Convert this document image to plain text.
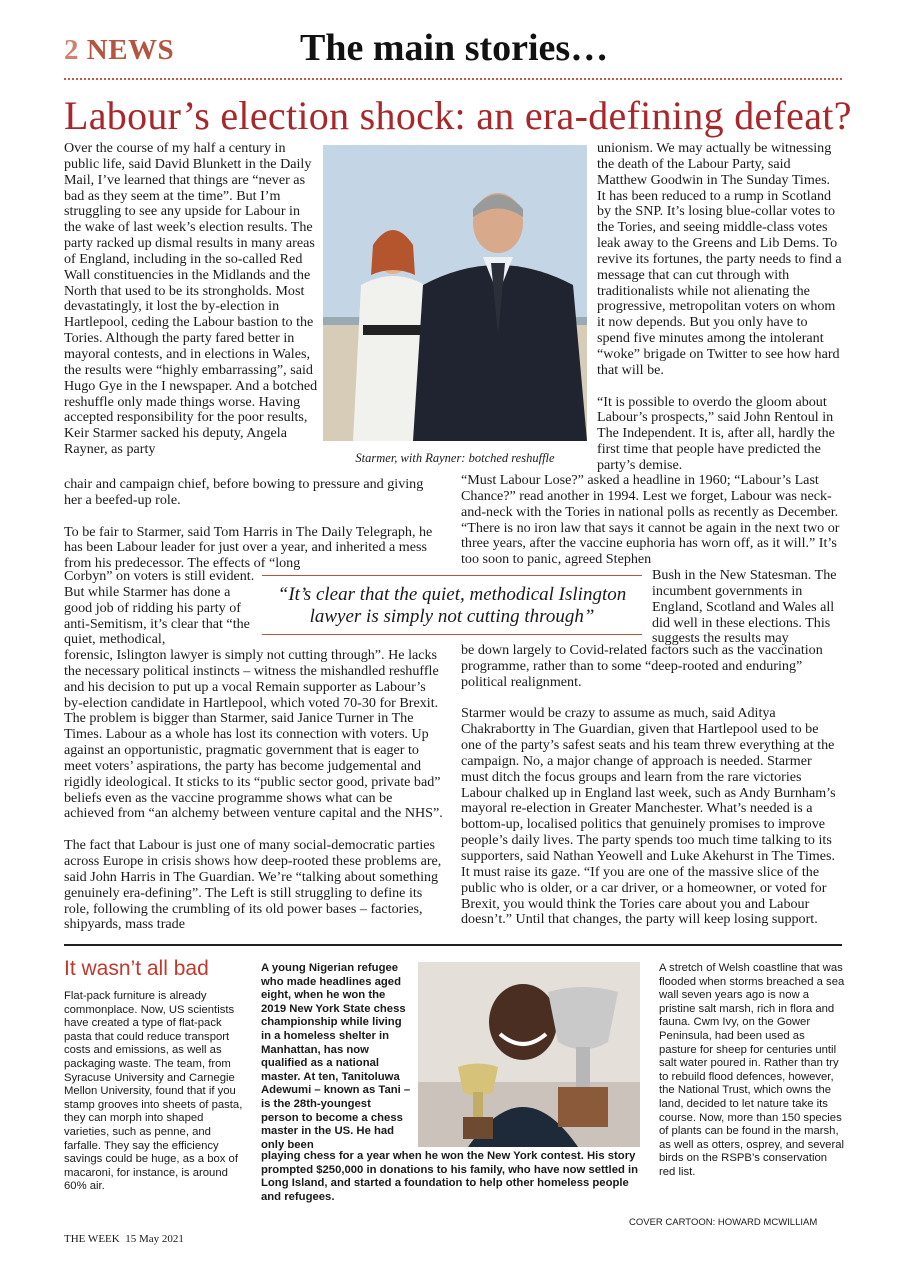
2 NEWS	The main stories…
Labour’s election shock: an era-defining defeat?

Over the course of my half a century in public life, said David Blunkett in the Daily Mail, I’ve learned that things are “never as bad as they seem at the time”. But I’m struggling to see any upside for Labour in the wake of last week’s election results. The party racked up dismal results in many areas of England, including in the so-called Red Wall constituencies in the Midlands and the North that used to be its strongholds. Most devastatingly, it lost the by-election in Hartlepool, ceding the Labour bastion to the Tories. Although the party fared better in mayoral contests, and in elections in Wales, the results were “highly embarrassing”, said Hugo Gye in the I newspaper. And a botched reshuffle only made things worse. Having accepted responsibility for the poor results, Keir Starmer sacked his deputy, Angela Rayner, as party

Starmer, with Rayner: botched reshuffle

chair and campaign chief, before bowing to pressure and giving her a beefed-up role.

To be fair to Starmer, said Tom Harris in The Daily Telegraph, he has been Labour leader for just over a year, and inherited a mess from his predecessor. The effects of “long

Corbyn” on voters is still evident. But while Starmer has done a good job of ridding his party of anti-Semitism, it’s clear that “the quiet, methodical,

forensic, Islington lawyer is simply not cutting through”. He lacks the necessary political instincts – witness the mishandled reshuffle and his decision to put up a vocal Remain supporter as Labour’s by-election candidate in Hartlepool, which voted 70-30 for Brexit. The problem is bigger than Starmer, said Janice Turner in The Times. Labour as a whole has lost its connection with voters. Up against an opportunistic, pragmatic government that is eager to meet voters’ aspirations, the party has become judgemental and rigidly ideological. It sticks to its “public sector good, private bad” beliefs even as the vaccine programme shows what can be achieved from “an alchemy between venture capital and the NHS”.

The fact that Labour is just one of many social-democratic parties across Europe in crisis shows how deep-rooted these problems are, said John Harris in The Guardian. We’re “talking about something genuinely era-defining”. The Left is still struggling to define its role, following the crumbling of its old power bases – factories, shipyards, mass trade

unionism. We may actually be witnessing the death of the Labour Party, said Matthew Goodwin in The Sunday Times. It has been reduced to a rump in Scotland by the SNP. It’s losing blue-collar votes to the Tories, and seeing middle-class votes leak away to the Greens and Lib Dems. To revive its fortunes, the party needs to find a message that can cut through with traditionalists while not alienating the progressive, metropolitan voters on whom it now depends. But you only have to spend five minutes among the intolerant “woke” brigade on Twitter to see how hard that will be.

“It is possible to overdo the gloom about Labour’s prospects,” said John Rentoul in The Independent. It is, after all, hardly the first time that people have predicted the party’s demise.

“Must Labour Lose?” asked a headline in 1960; “Labour’s Last Chance?” read another in 1994. Lest we forget, Labour was neck-and-neck with the Tories in national polls as recently as December. “There is no iron law that says it cannot be again in the next two or three years, after the vaccine euphoria has worn off, as it will.” It’s too soon to panic, agreed Stephen

Bush in the New Statesman. The incumbent governments in England, Scotland and Wales all did well in these elections. This suggests the results may

be down largely to Covid-related factors such as the vaccination programme, rather than to some “deep-rooted and enduring” political realignment.

Starmer would be crazy to assume as much, said Aditya Chakrabortty in The Guardian, given that Hartlepool used to be one of the party’s safest seats and his team threw everything at the campaign. No, a major change of approach is needed. Starmer must ditch the focus groups and learn from the rare victories Labour chalked up in England last week, such as Andy Burnham’s mayoral re-election in Greater Manchester. What’s needed is a bottom-up, localised politics that genuinely promises to improve people’s daily lives. The party spends too much time talking to its supporters, said Nathan Yeowell and Luke Akehurst in The Times. It must raise its gaze. “If you are one of the massive slice of the public who is older, or a car driver, or a homeowner, or voted for Brexit, you would think the Tories care about you and Labour doesn’t.” Until that changes, the party will keep losing support.

“It’s clear that the quiet, methodical Islington lawyer is simply not cutting through”
It wasn’t all bad
Flat-pack furniture is already commonplace. Now, US scientists have created a type of flat-pack pasta that could reduce transport costs and emissions, as well as packaging waste. The team, from Syracuse University and Carnegie Mellon University, found that if you stamp grooves into sheets of pasta, they can morph into shaped varieties, such as penne, and farfalle. They say the efficiency savings could be huge, as a box of macaroni, for instance, is around 60% air.
A young Nigerian refugee who made headlines aged eight, when he won the 2019 New York State chess championship while living in a homeless shelter in Manhattan, has now qualified as a national master. At ten, Tanitoluwa Adewumi – known as Tani – is the 28th-youngest person to become a chess master in the US. He had only been
playing chess for a year when he won the New York contest. His story prompted $250,000 in donations to his family, who have now settled in Long Island, and started a foundation to help other homeless people and refugees.
A stretch of Welsh coastline that was flooded when storms breached a sea wall seven years ago is now a pristine salt marsh, rich in flora and fauna. Cwm Ivy, on the Gower Peninsula, had been used as pasture for sheep for centuries until salt water poured in. Rather than try to rebuild flood defences, however, the National Trust, which owns the land, decided to let nature take its course. Now, more than 150 species of plants can be found in the marsh, as well as otters, osprey, and several birds on the RSPB’s conservation red list.
COVER CARTOON: HOWARD MCWILLIAM
THE WEEK  15 May 2021
